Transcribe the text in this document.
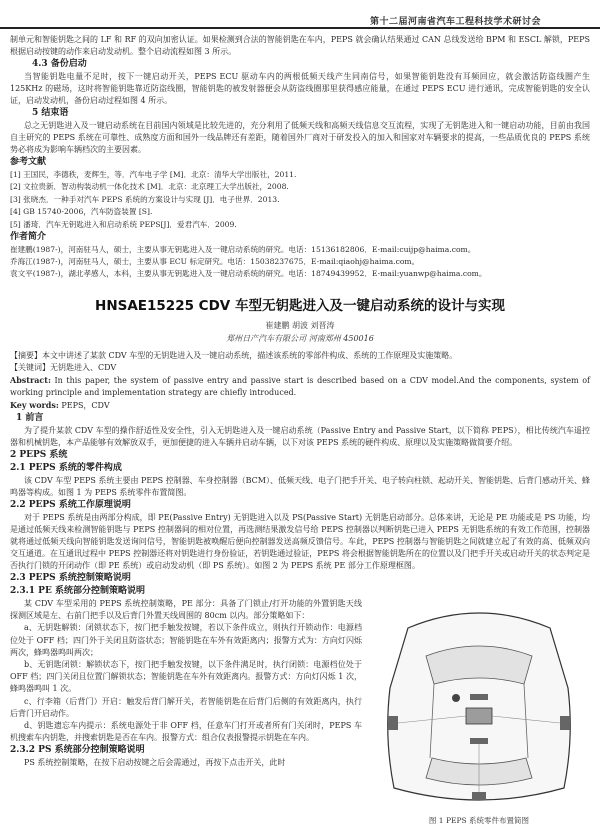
第十二届河南省汽车工程科技学术研讨会

制单元和智能钥匙之间的 LF 和 RF 的双向加密认证。如果检测到合法的智能钥匙在车内，PEPS 就会确认结果通过 CAN 总线发送给 BPM 和 ESCL 解锁，PEPS 根据启动按键的动作来启动发动机。整个启动流程如图 3 所示。

4.3 备份启动

当智能钥匙电量不足时，按下一键启动开关，PEPS ECU 驱动车内的两根低频天线产生同南信号，如果智能钥匙没有耳频回应，就会激活防盗线圈产生 125KHz 的磁场，这时将智能钥匙靠近防盗线圈，智能钥匙的被发射器便会从防盗线圈那里获得感应能量，在通过 PEPS ECU 进行通讯，完成智能钥匙的安全认证，启动发动机，备份启动过程如图 4 所示。

5 结束语

总之无钥匙进入及一键启动系统在目前国内领域是比较先进的，充分利用了低频天线和高频天线信息交互流程，实现了无钥匙进入和一键启动功能，目前由我国自主研究的 PEPS 系统在可靠性、成熟度方面和国外一线品牌还有差距，随着国外厂商对于研发投入的加入和国家对车辆要求的提高，一些品质优良的 PEPS 系统势必将成为影响车辆档次的主要因素。

参考文献

[1] 王国民，李德秩，麦辉生，等．汽车电子学 [M]．北京：清华大学出版社，2011.

[2] 文拉贵新．智动构装动机一体化技术 [M]．北京：北京理工大学出版社，2008.

[3] 张晓杰．一种手对汽车 PEPS 系统的方案设计与实现 [J]．电子世界．2013.

[4] GB 15740-2006，汽车防盗装置 [S].

[5] 潘琦．汽车无钥匙进入和启动系统 PEPS[J]．爱君汽车．2009.

作者简介

崔建鹏(1987-)，河南驻马人，硕士，主要从事无钥匙进入及一键启动系统的研究。电话：15136182806．E-mail:cuijp@haima.com。

乔海江(1987-)，河南驻马人，硕士，主要从事 ECU 标定研究。电话：15038237675．E-mail:qiaohj@haima.com。

袁文平(1987-)，湖北孝感人，本科，主要从事无钥匙进入及一键启动系统的研究。电话：18749439952．E-mail:yuanwp@haima.com。

HNSAE15225 CDV 车型无钥匙进入及一键启动系统的设计与实现

崔建鹏 胡波 刘晋涛

郑州日产汽车有限公司 河南郑州 450016

【摘要】本文中讲述了某款 CDV 车型的无钥匙进入及一键启动系统，描述该系统的零部件构成、系统的工作原理及实施策略。

【关键词】无钥匙进入、CDV

Abstract: In this paper, the system of passive entry and passive start is described based on a CDV model.And the components, system of working principle and implementation strategy are chiefly introduced.

Key words: PEPS，CDV

1 前言

为了提升某款 CDV 车型的操作舒适性及安全性，引入无钥匙进入及一键启动系统（Passive Entry and Passive Start，以下简称 PEPS），相比传统汽车遥控器和机械钥匙，本产品能够有效解放双手，更加便捷的进入车辆并启动车辆，以下对该 PEPS 系统的硬件构成、原理以及实施策略做简要介绍。

2 PEPS 系统

2.1 PEPS 系统的零件构成

该 CDV 车型 PEPS 系统主要由 PEPS 控制器、车身控制器（BCM）、低频天线、电子门把手开关、电子转向柱锁、起动开关、智能钥匙、后背门感动开关、蜂鸣器等构成。如图 1 为 PEPS 系统零件布置简图。

2.2 PEPS 系统工作原理说明

对于 PEPS 系统是由两部分构成，即 PE(Passive Entry) 无钥匙进入以及 PS(Passive Start) 无钥匙启动部分。总体来讲，无论是 PE 功能或是 PS 功能，均是通过低频天线来检测智能钥匙与 PEPS 控制器间的相对位置，再选测结果激发信号给 PEPS 控制器以判断钥匙已进入 PEPS 无钥匙系统的有效工作范围，控制器就将通过低频天线向智能钥匙发送询问信号，智能钥匙被唤醒后便向控制器发送高频反馈信号。车此，PEPS 控制器与智能钥匙之间就建立起了有效的高、低频双向交互通道。在互通讯过程中 PEPS 控制器还将对钥匙进行身份验证，若钥匙通过验证，PEPS 将会根据智能钥匙所在的位置以及门把手开关或启动开关的状态判定是否执行门锁的开闭动作（即 PE 系统）或启动发动机（即 PS 系统）。如图 2 为 PEPS 系统 PE 部分工作原理框图。

2.3 PEPS 系统控制策略说明

2.3.1 PE 系统部分控制策略说明

某 CDV 车型采用的 PEPS 系统控制策略，PE 部分：具备了门锁止/打开功能的外置钥匙天线探测区域是左、右前门把手以及后背门外置天线周围的 80cm 以内。部分策略如下：

a、无钥匙解锁：闭锁状态下，按门把手触发按键，若以下条件成立，则执行开锁动作：电源档位处于 OFF 档；四门外于关闭且防盗状态；智能钥匙在车外有效距离内；报警方式为：方向灯闪烁两次，蜂鸣器鸣叫两次；

b、无钥匙闭锁：解锁状态下，按门把手触发按键，以下条件满足时，执行闭锁：电源档位处于 OFF 档；四门关闭且位置门解锁状态；智能钥匙在车外有效距离内。报警方式：方向灯闪烁 1 次，蜂鸣器鸣叫 1 次。

c、行李箱（后背门）开启：触发后背门解开关，若智能钥匙在后背门后侧的有效距离内，执行后背门开启动作。

d、钥匙遗忘车内提示：系统电源处于非 OFF 档，任意车门打开或者所有门关闭时，PEPS 车机搜索车内钥匙，并搜索钥匙是否在车内。报警方式：组合仪表报警提示钥匙在车内。

2.3.2 PS 系统部分控制策略说明

PS 系统控制策略，在按下启动按键之后会需通过，再按下点击开关，此时

图 1 PEPS 系统零件布置简图
